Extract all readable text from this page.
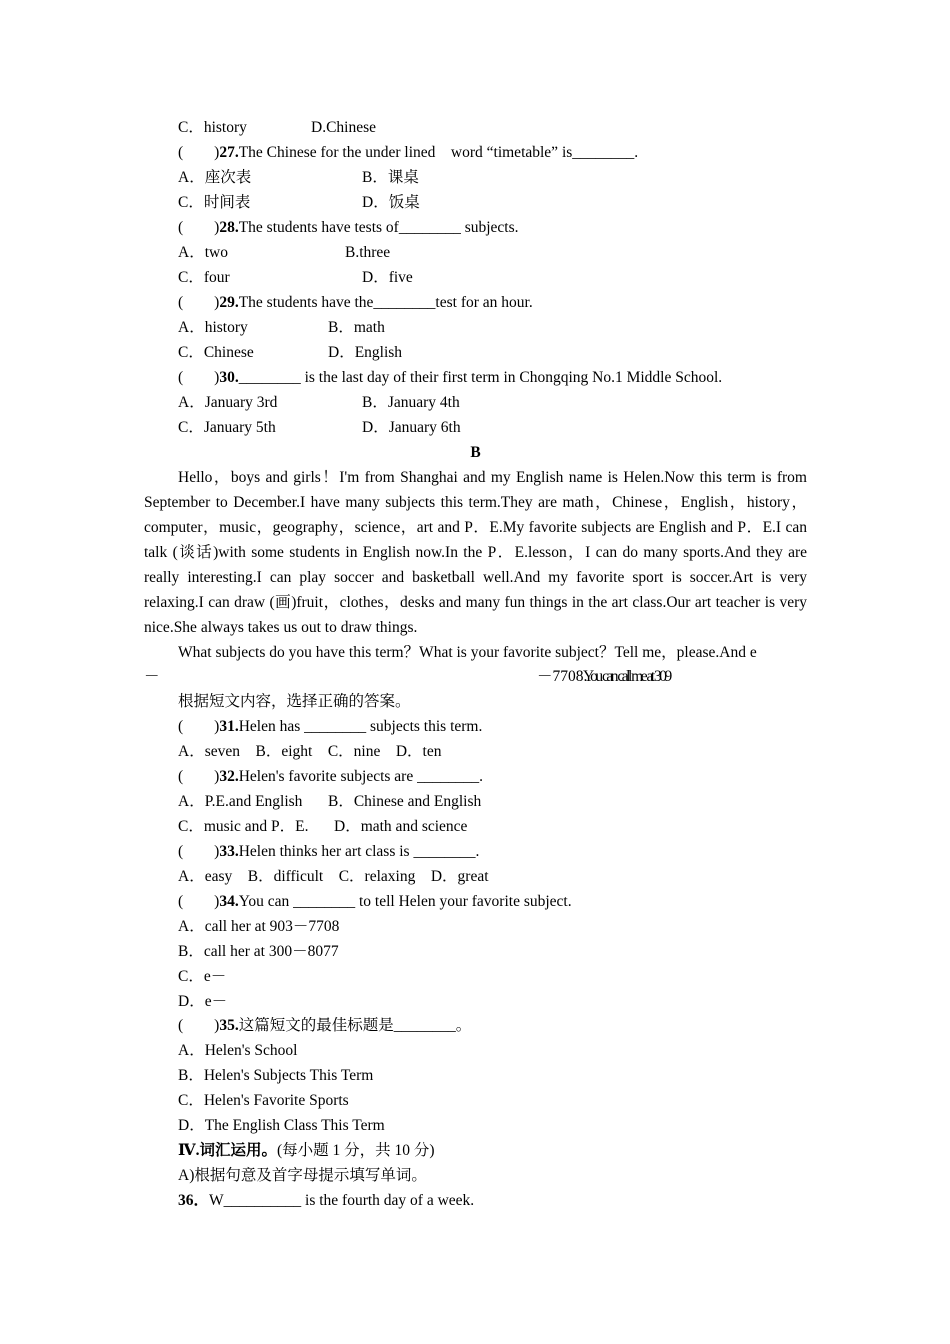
C．history	D.Chinese
(　　)27.The Chinese for the under lined　word “timetable” is________.
A．座次表	B．课桌
C．时间表	D．饭桌
(　　)28.The students have tests of________ subjects.
A．two	B.three
C．four	D．five
(　　)29.The students have the________test for an hour.
A．history	B．math
C．Chinese	D．English
(　　)30.________ is the last day of their first term in Chongqing No.1 Middle School.
A．January 3rd	B．January 4th
C．January 5th	D．January 6th
B
Hello，boys and girls！I'm from Shanghai and my English name is Helen.Now this term is from September to December.I have many subjects this term.They are math，Chinese，English，history，computer，music，geography，science，art and P．E.My favorite subjects are English and P．E.I can talk (谈话)with some students in English now.In the P．E.lesson，I can do many sports.And they are really interesting.I can play soccer and basketball well.And my favorite sport is soccer.Art is very relaxing.I can draw (画)fruit，clothes，desks and many fun things in the art class.Our art teacher is very nice.She always takes us out to draw things.
What subjects do you have this term？What is your favorite subject？Tell me，please.And e
－	－7708.
You can call me at 309
根据短文内容，选择正确的答案。
(　　)31.Helen has ________ subjects this term.
A．seven　B．eight　C．nine　D．ten
(　　)32.Helen's favorite subjects are ________.
A．P.E.and English B．Chinese and English
C．music and P．E. D．math and science
(　　)33.Helen thinks her art class is ________.
A．easy　B．difficult　C．relaxing　D．great
(　　)34.You can ________ to tell Helen your favorite subject.
A．call her at 903－7708
B．call her at 300－8077
C．e－
D．e－
(　　)35.这篇短文的最佳标题是________。
A．Helen's School
B．Helen's Subjects This Term
C．Helen's Favorite Sports
D．The English Class This Term
Ⅳ.词汇运用。(每小题 1 分，共 10 分)
A)根据句意及首字母提示填写单词。
36．W__________ is the fourth day of a week.
